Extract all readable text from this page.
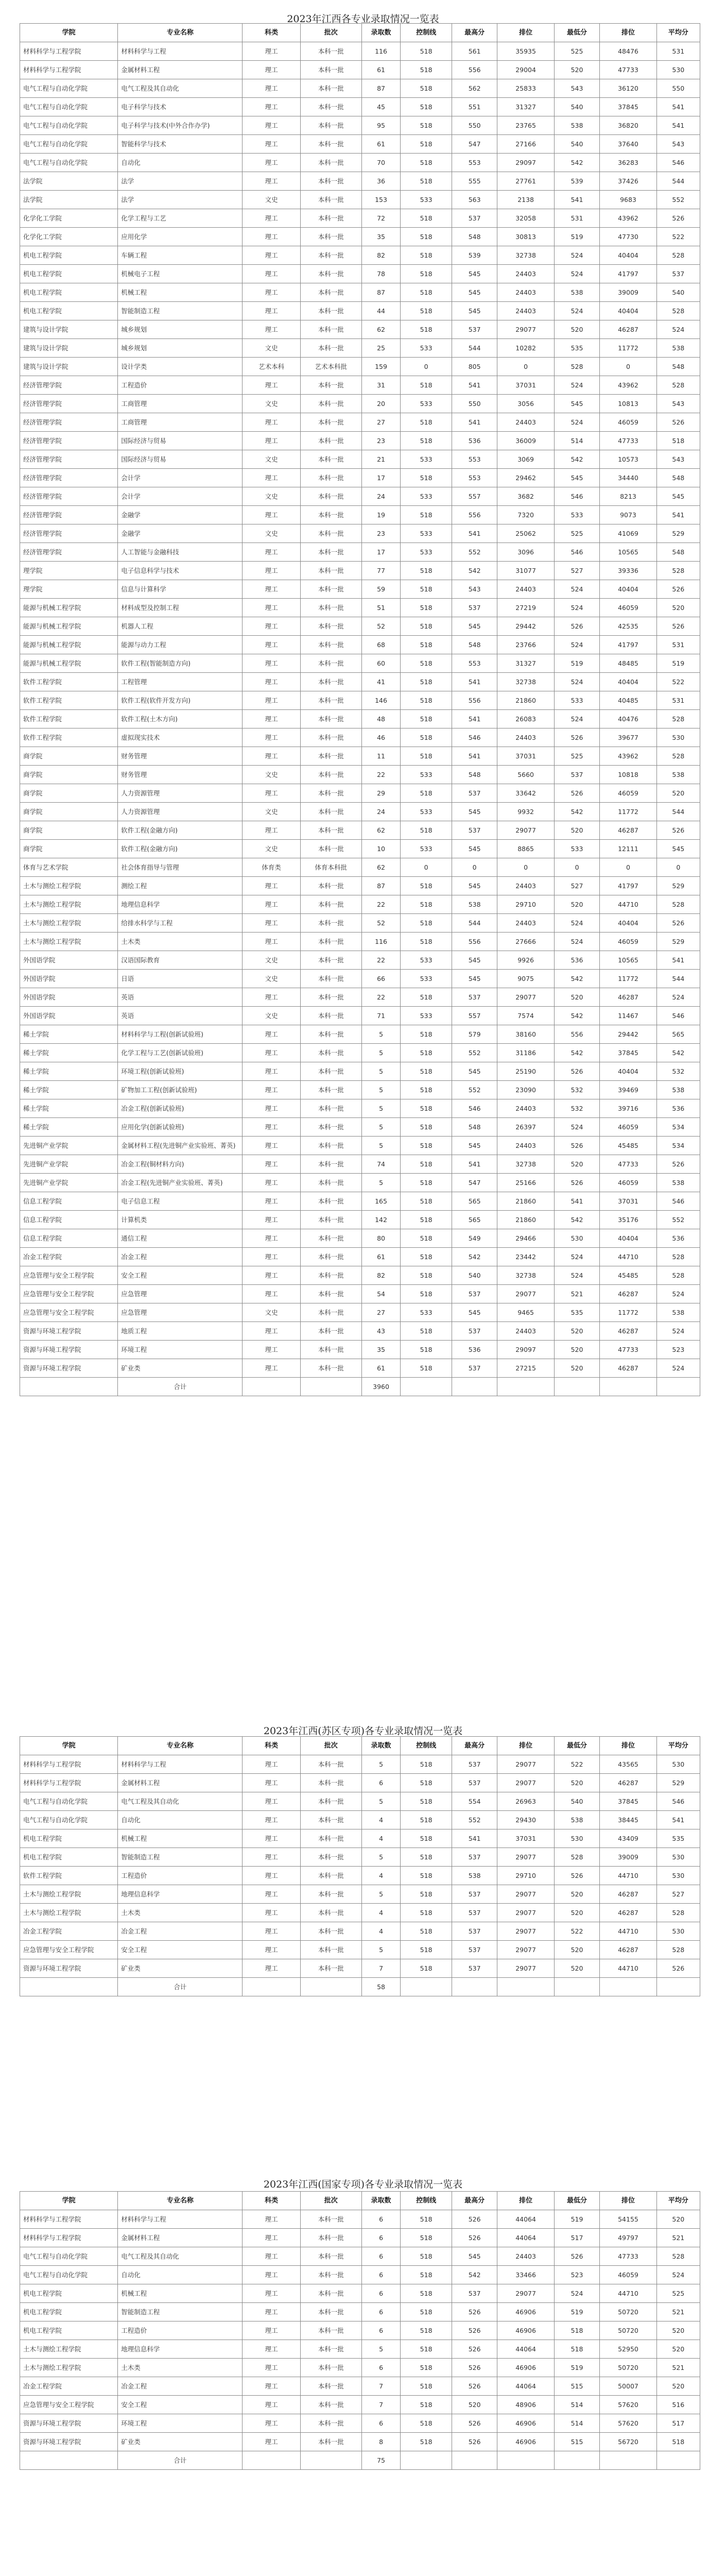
2023年江西各专业录取情况一览表
学院	专业名称	科类	批次	录取数	控制线	最高分	排位	最低分	排位	平均分
材料科学与工程学院	材料科学与工程	理工	本科一批	116	518	561	35935	525	48476	531
材料科学与工程学院	金属材料工程	理工	本科一批	61	518	556	29004	520	47733	530
电气工程与自动化学院	电气工程及其自动化	理工	本科一批	87	518	562	25833	543	36120	550
电气工程与自动化学院	电子科学与技术	理工	本科一批	45	518	551	31327	540	37845	541
电气工程与自动化学院	电子科学与技术(中外合作办学)	理工	本科一批	95	518	550	23765	538	36820	541
电气工程与自动化学院	智能科学与技术	理工	本科一批	61	518	547	27166	540	37640	543
电气工程与自动化学院	自动化	理工	本科一批	70	518	553	29097	542	36283	546
法学院	法学	理工	本科一批	36	518	555	27761	539	37426	544
法学院	法学	文史	本科一批	153	533	563	2138	541	9683	552
化学化工学院	化学工程与工艺	理工	本科一批	72	518	537	32058	531	43962	526
化学化工学院	应用化学	理工	本科一批	35	518	548	30813	519	47730	522
机电工程学院	车辆工程	理工	本科一批	82	518	539	32738	524	40404	528
机电工程学院	机械电子工程	理工	本科一批	78	518	545	24403	524	41797	537
机电工程学院	机械工程	理工	本科一批	87	518	545	24403	538	39009	540
机电工程学院	智能制造工程	理工	本科一批	44	518	545	24403	524	40404	528
建筑与设计学院	城乡规划	理工	本科一批	62	518	537	29077	520	46287	524
建筑与设计学院	城乡规划	文史	本科一批	25	533	544	10282	535	11772	538
建筑与设计学院	设计学类	艺术本科	艺术本科批	159	0	805	0	528	0	548
经济管理学院	工程造价	理工	本科一批	31	518	541	37031	524	43962	528
经济管理学院	工商管理	文史	本科一批	20	533	550	3056	545	10813	543
经济管理学院	工商管理	理工	本科一批	27	518	541	24403	524	46059	526
经济管理学院	国际经济与贸易	理工	本科一批	23	518	536	36009	514	47733	518
经济管理学院	国际经济与贸易	文史	本科一批	21	533	553	3069	542	10573	543
经济管理学院	会计学	理工	本科一批	17	518	553	29462	545	34440	548
经济管理学院	会计学	文史	本科一批	24	533	557	3682	546	8213	545
经济管理学院	金融学	理工	本科一批	19	518	556	7320	533	9073	541
经济管理学院	金融学	文史	本科一批	23	533	541	25062	525	41069	529
经济管理学院	人工智能与金融科技	理工	本科一批	17	533	552	3096	546	10565	548
理学院	电子信息科学与技术	理工	本科一批	77	518	542	31077	527	39336	528
理学院	信息与计算科学	理工	本科一批	59	518	543	24403	524	40404	526
能源与机械工程学院	材料成型及控制工程	理工	本科一批	51	518	537	27219	524	46059	520
能源与机械工程学院	机器人工程	理工	本科一批	52	518	545	29442	526	42535	526
能源与机械工程学院	能源与动力工程	理工	本科一批	68	518	548	23766	524	41797	531
能源与机械工程学院	软件工程(智能制造方向)	理工	本科一批	60	518	553	31327	519	48485	519
软件工程学院	工程管理	理工	本科一批	41	518	541	32738	524	40404	522
软件工程学院	软件工程(软件开发方向)	理工	本科一批	146	518	556	21860	533	40485	531
软件工程学院	软件工程(土木方向)	理工	本科一批	48	518	541	26083	524	40476	528
软件工程学院	虚拟现实技术	理工	本科一批	46	518	546	24403	526	39677	530
商学院	财务管理	理工	本科一批	11	518	541	37031	525	43962	528
商学院	财务管理	文史	本科一批	22	533	548	5660	537	10818	538
商学院	人力资源管理	理工	本科一批	29	518	537	33642	526	46059	520
商学院	人力资源管理	文史	本科一批	24	533	545	9932	542	11772	544
商学院	软件工程(金融方向)	理工	本科一批	62	518	537	29077	520	46287	526
商学院	软件工程(金融方向)	文史	本科一批	10	533	545	8865	533	12111	545
体育与艺术学院	社会体育指导与管理	体育类	体育本科批	62	0	0	0	0	0	0
土木与测绘工程学院	测绘工程	理工	本科一批	87	518	545	24403	527	41797	529
土木与测绘工程学院	地理信息科学	理工	本科一批	22	518	538	29710	520	44710	528
土木与测绘工程学院	给排水科学与工程	理工	本科一批	52	518	544	24403	524	40404	526
土木与测绘工程学院	土木类	理工	本科一批	116	518	556	27666	524	46059	529
外国语学院	汉语国际教育	文史	本科一批	22	533	545	9926	536	10565	541
外国语学院	日语	文史	本科一批	66	533	545	9075	542	11772	544
外国语学院	英语	理工	本科一批	22	518	537	29077	520	46287	524
外国语学院	英语	文史	本科一批	71	533	557	7574	542	11467	546
稀土学院	材料科学与工程(创新试验班)	理工	本科一批	5	518	579	38160	556	29442	565
稀土学院	化学工程与工艺(创新试验班)	理工	本科一批	5	518	552	31186	542	37845	542
稀土学院	环境工程(创新试验班)	理工	本科一批	5	518	545	25190	526	40404	532
稀土学院	矿物加工工程(创新试验班)	理工	本科一批	5	518	552	23090	532	39469	538
稀土学院	冶金工程(创新试验班)	理工	本科一批	5	518	546	24403	532	39716	536
稀土学院	应用化学(创新试验班)	理工	本科一批	5	518	548	26397	524	46059	534
先进铜产业学院	金属材料工程(先进铜产业实验班、菁英)	理工	本科一批	5	518	545	24403	526	45485	534
先进铜产业学院	冶金工程(铜材料方向)	理工	本科一批	74	518	541	32738	520	47733	526
先进铜产业学院	冶金工程(先进铜产业实验班、菁英)	理工	本科一批	5	518	547	25166	526	46059	538
信息工程学院	电子信息工程	理工	本科一批	165	518	565	21860	541	37031	546
信息工程学院	计算机类	理工	本科一批	142	518	565	21860	542	35176	552
信息工程学院	通信工程	理工	本科一批	80	518	549	29466	530	40404	536
冶金工程学院	冶金工程	理工	本科一批	61	518	542	23442	524	44710	528
应急管理与安全工程学院	安全工程	理工	本科一批	82	518	540	32738	524	45485	528
应急管理与安全工程学院	应急管理	理工	本科一批	54	518	537	29077	521	46287	524
应急管理与安全工程学院	应急管理	文史	本科一批	27	533	545	9465	535	11772	538
资源与环境工程学院	地质工程	理工	本科一批	43	518	537	24403	520	46287	524
资源与环境工程学院	环境工程	理工	本科一批	35	518	536	29097	520	47733	523
资源与环境工程学院	矿业类	理工	本科一批	61	518	537	27215	520	46287	524
	合计			3960						
2023年江西(苏区专项)各专业录取情况一览表
学院	专业名称	科类	批次	录取数	控制线	最高分	排位	最低分	排位	平均分
材料科学与工程学院	材料科学与工程	理工	本科一批	5	518	537	29077	522	43565	530
材料科学与工程学院	金属材料工程	理工	本科一批	6	518	537	29077	520	46287	529
电气工程与自动化学院	电气工程及其自动化	理工	本科一批	5	518	554	26963	540	37845	546
电气工程与自动化学院	自动化	理工	本科一批	4	518	552	29430	538	38445	541
机电工程学院	机械工程	理工	本科一批	4	518	541	37031	530	43409	535
机电工程学院	智能制造工程	理工	本科一批	5	518	537	29077	528	39009	530
软件工程学院	工程造价	理工	本科一批	4	518	538	29710	526	44710	530
土木与测绘工程学院	地理信息科学	理工	本科一批	5	518	537	29077	520	46287	527
土木与测绘工程学院	土木类	理工	本科一批	4	518	537	29077	520	46287	528
冶金工程学院	冶金工程	理工	本科一批	4	518	537	29077	522	44710	530
应急管理与安全工程学院	安全工程	理工	本科一批	5	518	537	29077	520	46287	528
资源与环境工程学院	矿业类	理工	本科一批	7	518	537	29077	520	44710	526
	合计			58						
2023年江西(国家专项)各专业录取情况一览表
学院	专业名称	科类	批次	录取数	控制线	最高分	排位	最低分	排位	平均分
材料科学与工程学院	材料科学与工程	理工	本科一批	6	518	526	44064	519	54155	520
材料科学与工程学院	金属材料工程	理工	本科一批	6	518	526	44064	517	49797	521
电气工程与自动化学院	电气工程及其自动化	理工	本科一批	6	518	545	24403	526	47733	528
电气工程与自动化学院	自动化	理工	本科一批	6	518	542	33466	523	46059	524
机电工程学院	机械工程	理工	本科一批	6	518	537	29077	524	44710	525
机电工程学院	智能制造工程	理工	本科一批	6	518	526	46906	519	50720	521
机电工程学院	工程造价	理工	本科一批	6	518	526	46906	518	50720	520
土木与测绘工程学院	地理信息科学	理工	本科一批	5	518	526	44064	518	52950	520
土木与测绘工程学院	土木类	理工	本科一批	6	518	526	46906	519	50720	521
冶金工程学院	冶金工程	理工	本科一批	7	518	526	44064	515	50007	520
应急管理与安全工程学院	安全工程	理工	本科一批	7	518	520	48906	514	57620	516
资源与环境工程学院	环境工程	理工	本科一批	6	518	526	46906	514	57620	517
资源与环境工程学院	矿业类	理工	本科一批	8	518	526	46906	515	56720	518
	合计			75						
